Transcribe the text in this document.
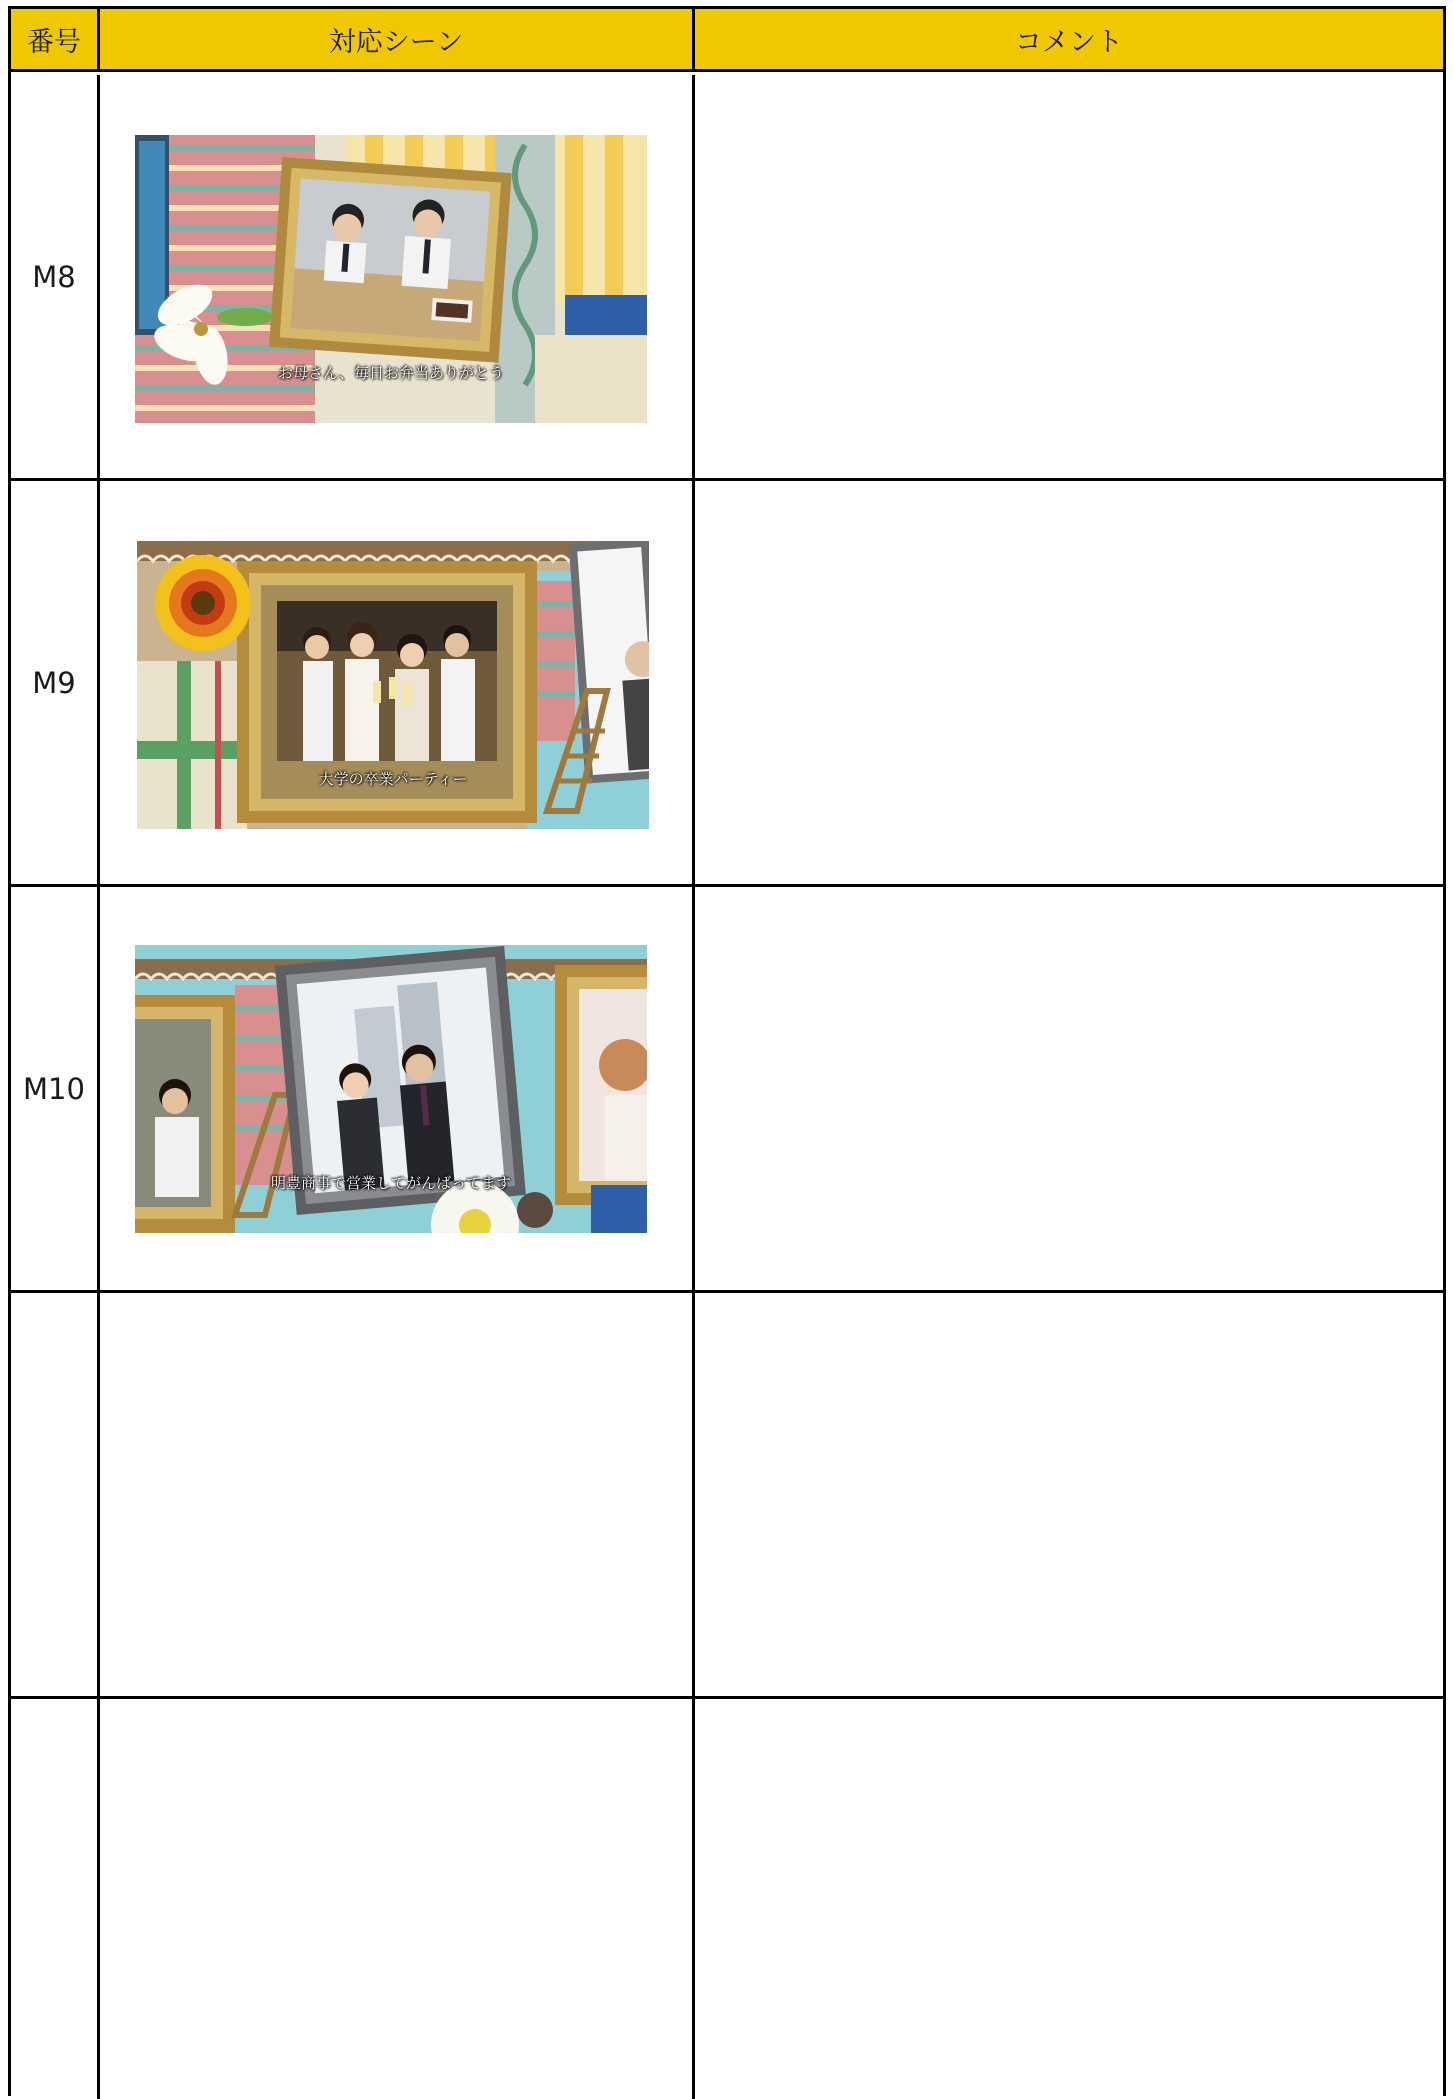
番号	対応シーン	コメント
M8
お母さん、毎日お弁当ありがとう
M9
大学の卒業パーティー
M10
明豊商事で営業してがんばってます
